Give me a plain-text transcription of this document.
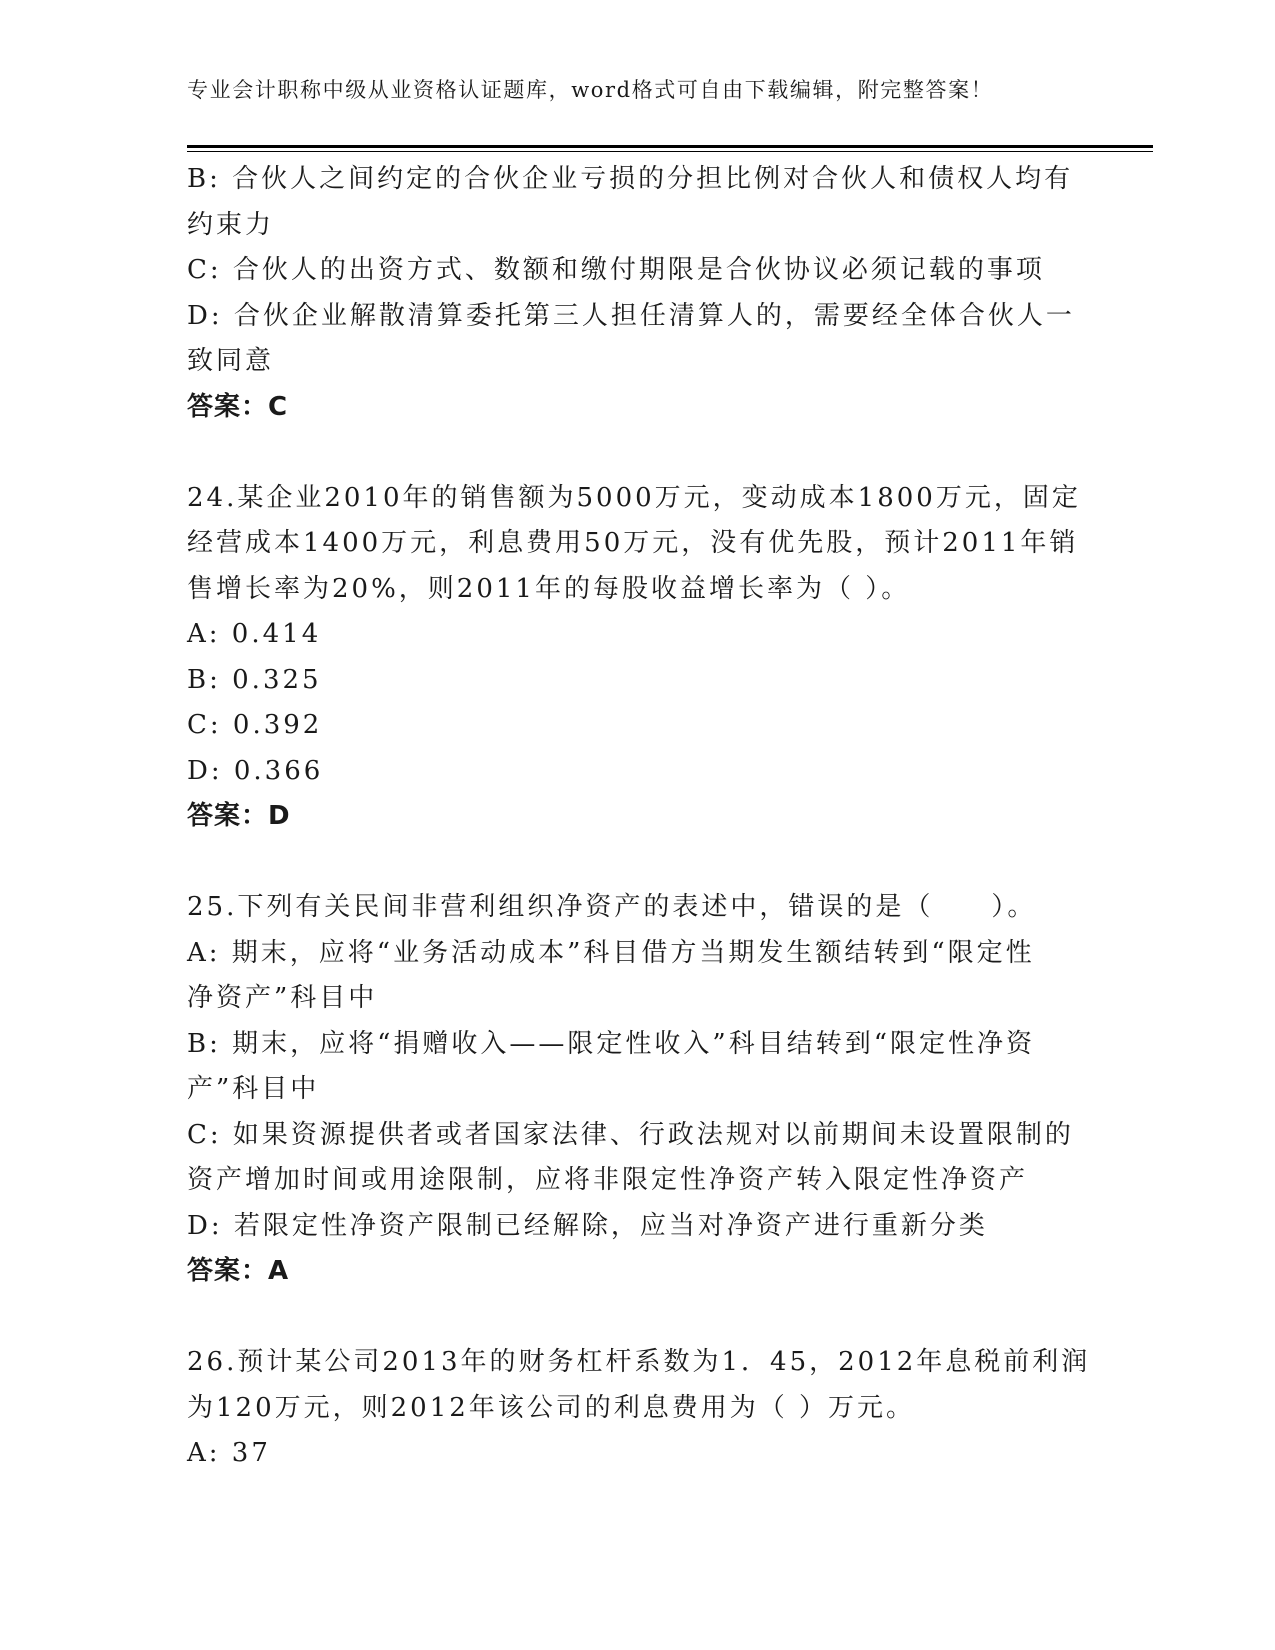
专业会计职称中级从业资格认证题库，word格式可自由下载编辑，附完整答案！
B: 合伙人之间约定的合伙企业亏损的分担比例对合伙人和债权人均有
约束力
C: 合伙人的出资方式、数额和缴付期限是合伙协议必须记载的事项
D: 合伙企业解散清算委托第三人担任清算人的，需要经全体合伙人一
致同意
答案：C
24.某企业2010年的销售额为5000万元，变动成本1800万元，固定
经营成本1400万元，利息费用50万元，没有优先股，预计2011年销
售增长率为20%，则2011年的每股收益增长率为（ ）。
A: 0.414
B: 0.325
C: 0.392
D: 0.366
答案：D
25.下列有关民间非营利组织净资产的表述中，错误的是（　　）。
A: 期末，应将“业务活动成本”科目借方当期发生额结转到“限定性
净资产”科目中
B: 期末，应将“捐赠收入——限定性收入”科目结转到“限定性净资
产”科目中
C: 如果资源提供者或者国家法律、行政法规对以前期间未设置限制的
资产增加时间或用途限制，应将非限定性净资产转入限定性净资产
D: 若限定性净资产限制已经解除，应当对净资产进行重新分类
答案：A
26.预计某公司2013年的财务杠杆系数为1．45，2012年息税前利润
为120万元，则2012年该公司的利息费用为（ ）万元。
A: 37
